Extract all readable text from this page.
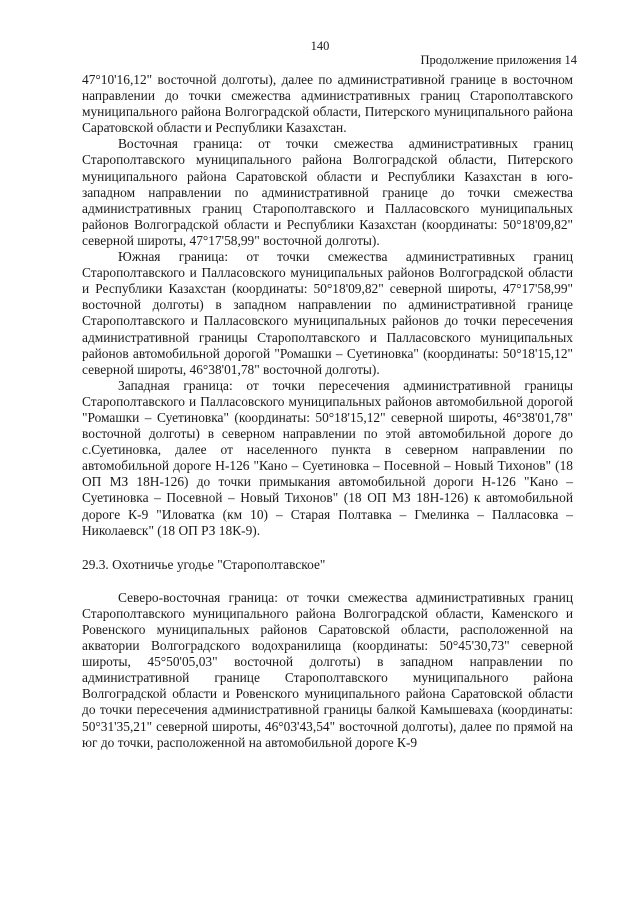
140
Продолжение приложения 14

47°10'16,12" восточной долготы), далее по административной границе в восточном направлении до точки смежества административных границ Старополтавского муниципального района Волгоградской области, Питерского муниципального района Саратовской области и Республики Казахстан.

Восточная граница: от точки смежества административных границ Старополтавского муниципального района Волгоградской области, Питерского муниципального района Саратовской области и Республики Казахстан в юго-западном направлении по административной границе до точки смежества административных границ Старополтавского и Палласовского муниципальных районов Волгоградской области и Республики Казахстан (координаты: 50°18'09,82" северной широты, 47°17'58,99" восточной долготы).

Южная граница: от точки смежества административных границ Старополтавского и Палласовского муниципальных районов Волгоградской области и Республики Казахстан (координаты: 50°18'09,82" северной широты, 47°17'58,99" восточной долготы) в западном направлении по административной границе Старополтавского и Палласовского муниципальных районов до точки пересечения административной границы Старополтавского и Палласовского муниципальных районов автомобильной дорогой "Ромашки – Суетиновка" (координаты: 50°18'15,12" северной широты, 46°38'01,78" восточной долготы).

Западная граница: от точки пересечения административной границы Старополтавского и Палласовского муниципальных районов автомобильной дорогой "Ромашки – Суетиновка" (координаты: 50°18'15,12" северной широты, 46°38'01,78" восточной долготы) в северном направлении по этой автомобильной дороге до с.Суетиновка, далее от населенного пункта в северном направлении по автомобильной дороге Н-126 "Кано – Суетиновка – Посевной – Новый Тихонов" (18 ОП МЗ 18Н-126) до точки примыкания автомобильной дороги Н-126 "Кано – Суетиновка – Посевной – Новый Тихонов" (18 ОП МЗ 18Н-126) к автомобильной дороге К-9 "Иловатка (км 10) – Старая Полтавка – Гмелинка – Палласовка – Николаевск" (18 ОП РЗ 18К-9).

29.3. Охотничье угодье "Старополтавское"

Северо-восточная граница: от точки смежества административных границ Старополтавского муниципального района Волгоградской области, Каменского и Ровенского муниципальных районов Саратовской области, расположенной на акватории Волгоградского водохранилища (координаты: 50°45'30,73" северной широты, 45°50'05,03" восточной долготы) в западном направлении по административной границе Старополтавского муниципального района Волгоградской области и Ровенского муниципального района Саратовской области до точки пересечения административной границы балкой Камышеваха (координаты: 50°31'35,21" северной широты, 46°03'43,54" восточной долготы), далее по прямой на юг до точки, расположенной на автомобильной дороге К-9
